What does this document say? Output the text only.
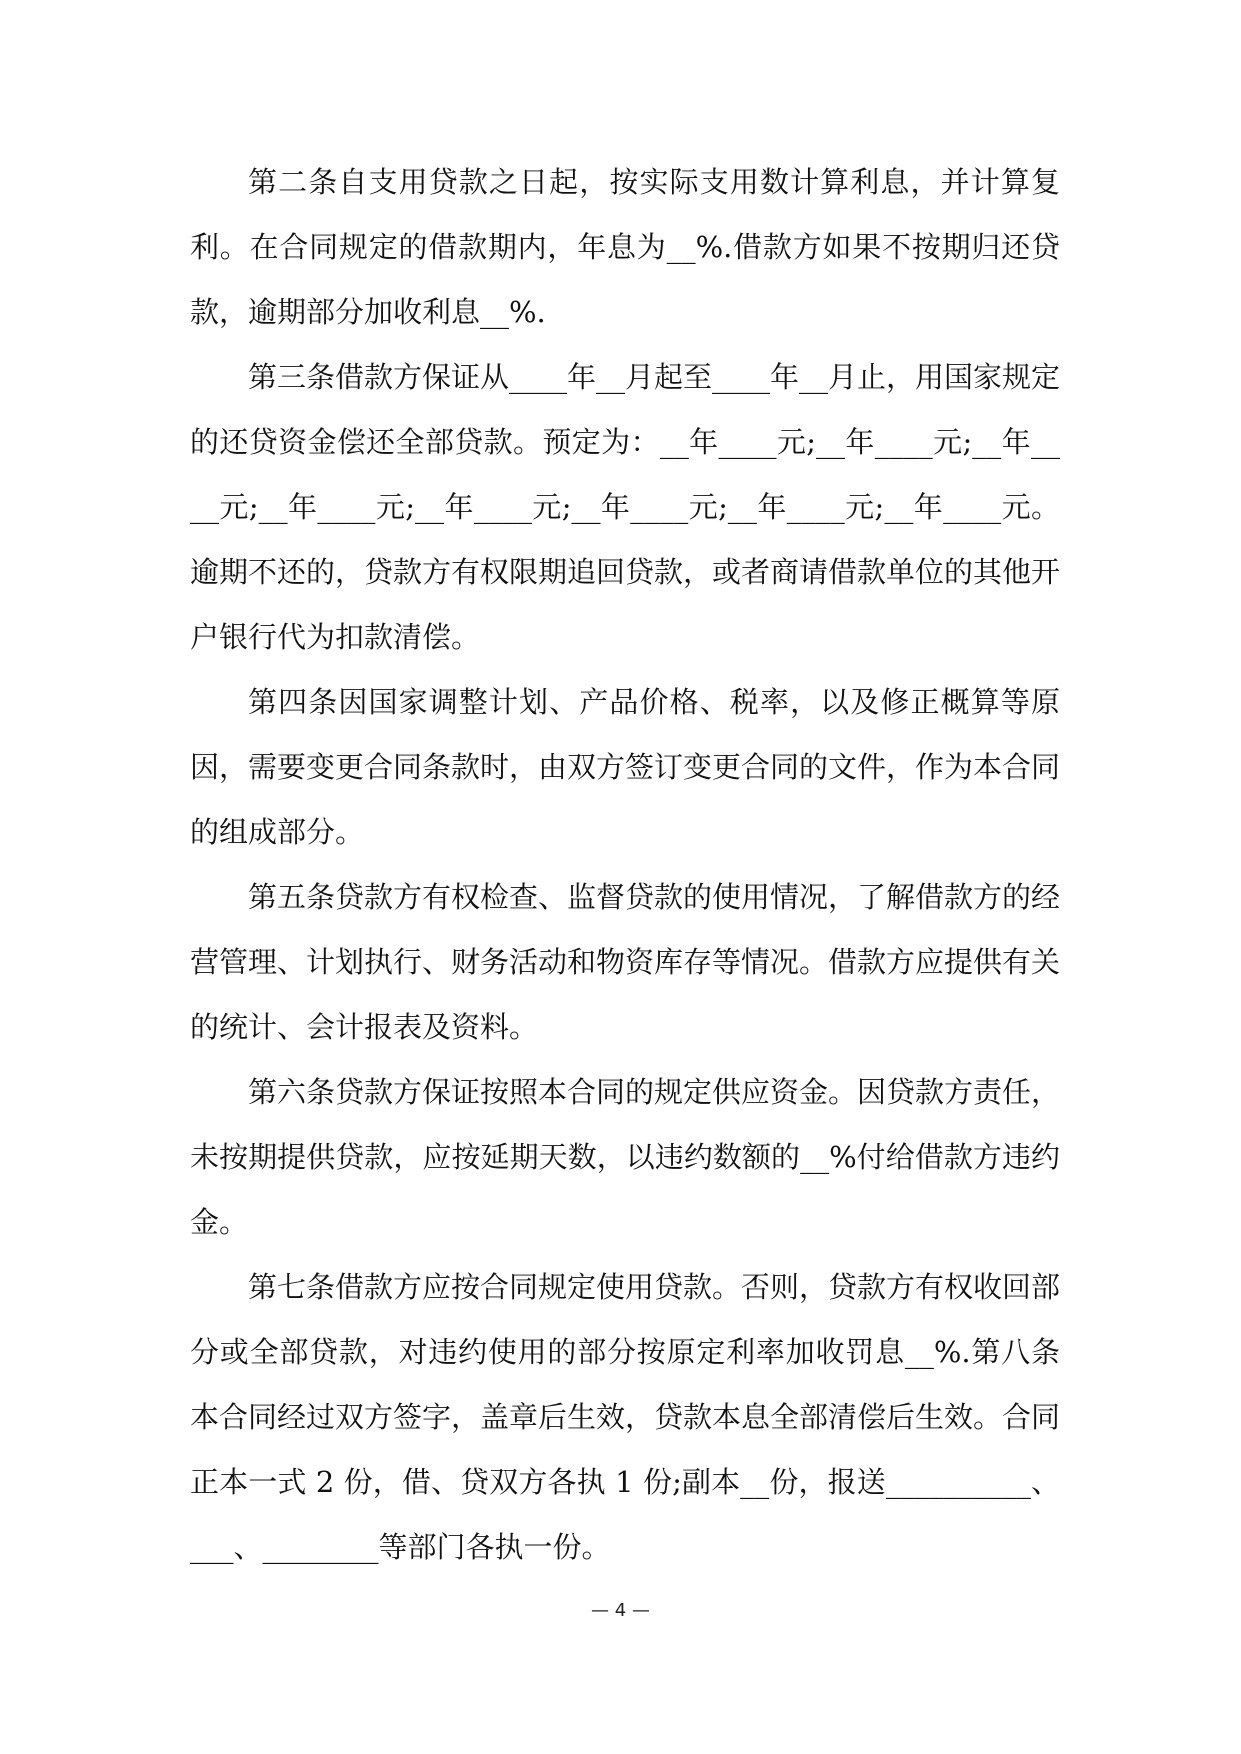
第二条自支用贷款之日起，按实际支用数计算利息，并计算复利。在合同规定的借款期内，年息为__%.借款方如果不按期归还贷款，逾期部分加收利息__%.

第三条借款方保证从____年__月起至____年__月止，用国家规定的还贷资金偿还全部贷款。预定为：__年____元;__年____元;__年____元;__年____元;__年____元;__年____元;__年____元;__年____元。逾期不还的，贷款方有权限期追回贷款，或者商请借款单位的其他开户银行代为扣款清偿。

第四条因国家调整计划、产品价格、税率，以及修正概算等原因，需要变更合同条款时，由双方签订变更合同的文件，作为本合同的组成部分。

第五条贷款方有权检查、监督贷款的使用情况，了解借款方的经营管理、计划执行、财务活动和物资库存等情况。借款方应提供有关的统计、会计报表及资料。

第六条贷款方保证按照本合同的规定供应资金。因贷款方责任，未按期提供贷款，应按延期天数，以违约数额的__%付给借款方违约金。

第七条借款方应按合同规定使用贷款。否则，贷款方有权收回部分或全部贷款，对违约使用的部分按原定利率加收罚息__%.第八条本合同经过双方签字，盖章后生效，贷款本息全部清偿后生效。合同正本一式 2 份，借、贷双方各执 1 份;副本__份，报送__________、___、________等部门各执一份。

— 4 —
